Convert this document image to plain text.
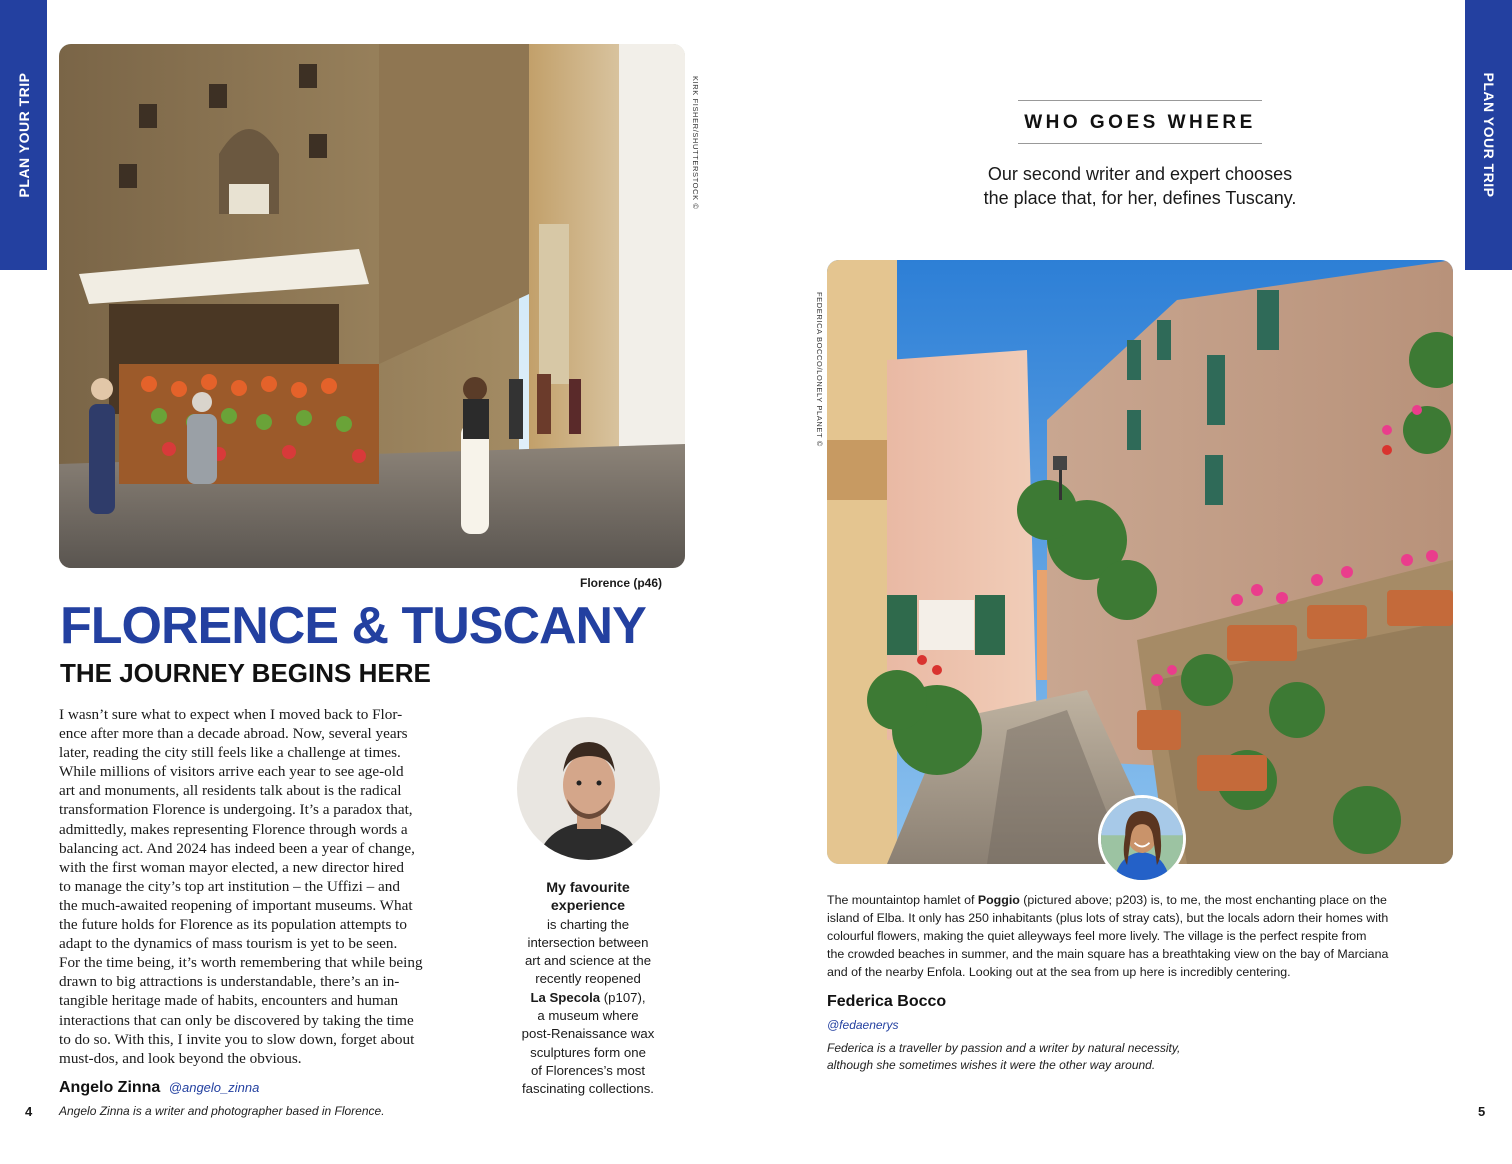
PLAN YOUR TRIP	PLAN YOUR TRIP
KIRK FISHER/SHUTTERSTOCK ©
Florence (p46)
FLORENCE & TUSCANY
THE JOURNEY BEGINS HERE
I wasn’t sure what to expect when I moved back to Flor-
ence after more than a decade abroad. Now, several years
later, reading the city still feels like a challenge at times.
While millions of visitors arrive each year to see age-old
art and monuments, all residents talk about is the radical
transformation Florence is undergoing. It’s a paradox that,
admittedly, makes representing Florence through words a
balancing act. And 2024 has indeed been a year of change,
with the first woman mayor elected, a new director hired
to manage the city’s top art institution – the Uffizi – and
the much-awaited reopening of important museums. What
the future holds for Florence as its population attempts to
adapt to the dynamics of mass tourism is yet to be seen.
For the time being, it’s worth remembering that while being
drawn to big attractions is understandable, there’s an in-
tangible heritage made of habits, encounters and human
interactions that can only be discovered by taking the time
to do so. With this, I invite you to slow down, forget about
must-dos, and look beyond the obvious.
Angelo Zinna @angelo_zinna
Angelo Zinna is a writer and photographer based in Florence.
4
My favourite
experience
is charting the
intersection between
art and science at the
recently reopened
La Specola (p107),
a museum where
post-Renaissance wax
sculptures form one
of Florences’s most
fascinating collections.
WHO GOES WHERE
Our second writer and expert chooses
the place that, for her, defines Tuscany.
FEDERICA BOCCO/LONELY PLANET ©
The mountaintop hamlet of Poggio (pictured above; p203) is, to me, the most enchanting place on the
island of Elba. It only has 250 inhabitants (plus lots of stray cats), but the locals adorn their homes with
colourful flowers, making the quiet alleyways feel more lively. The village is the perfect respite from
the crowded beaches in summer, and the main square has a breathtaking view on the bay of Marciana
and of the nearby Enfola. Looking out at the sea from up here is incredibly centering.
Federica Bocco
@fedaenerys
Federica is a traveller by passion and a writer by natural necessity,
although she sometimes wishes it were the other way around.
5
